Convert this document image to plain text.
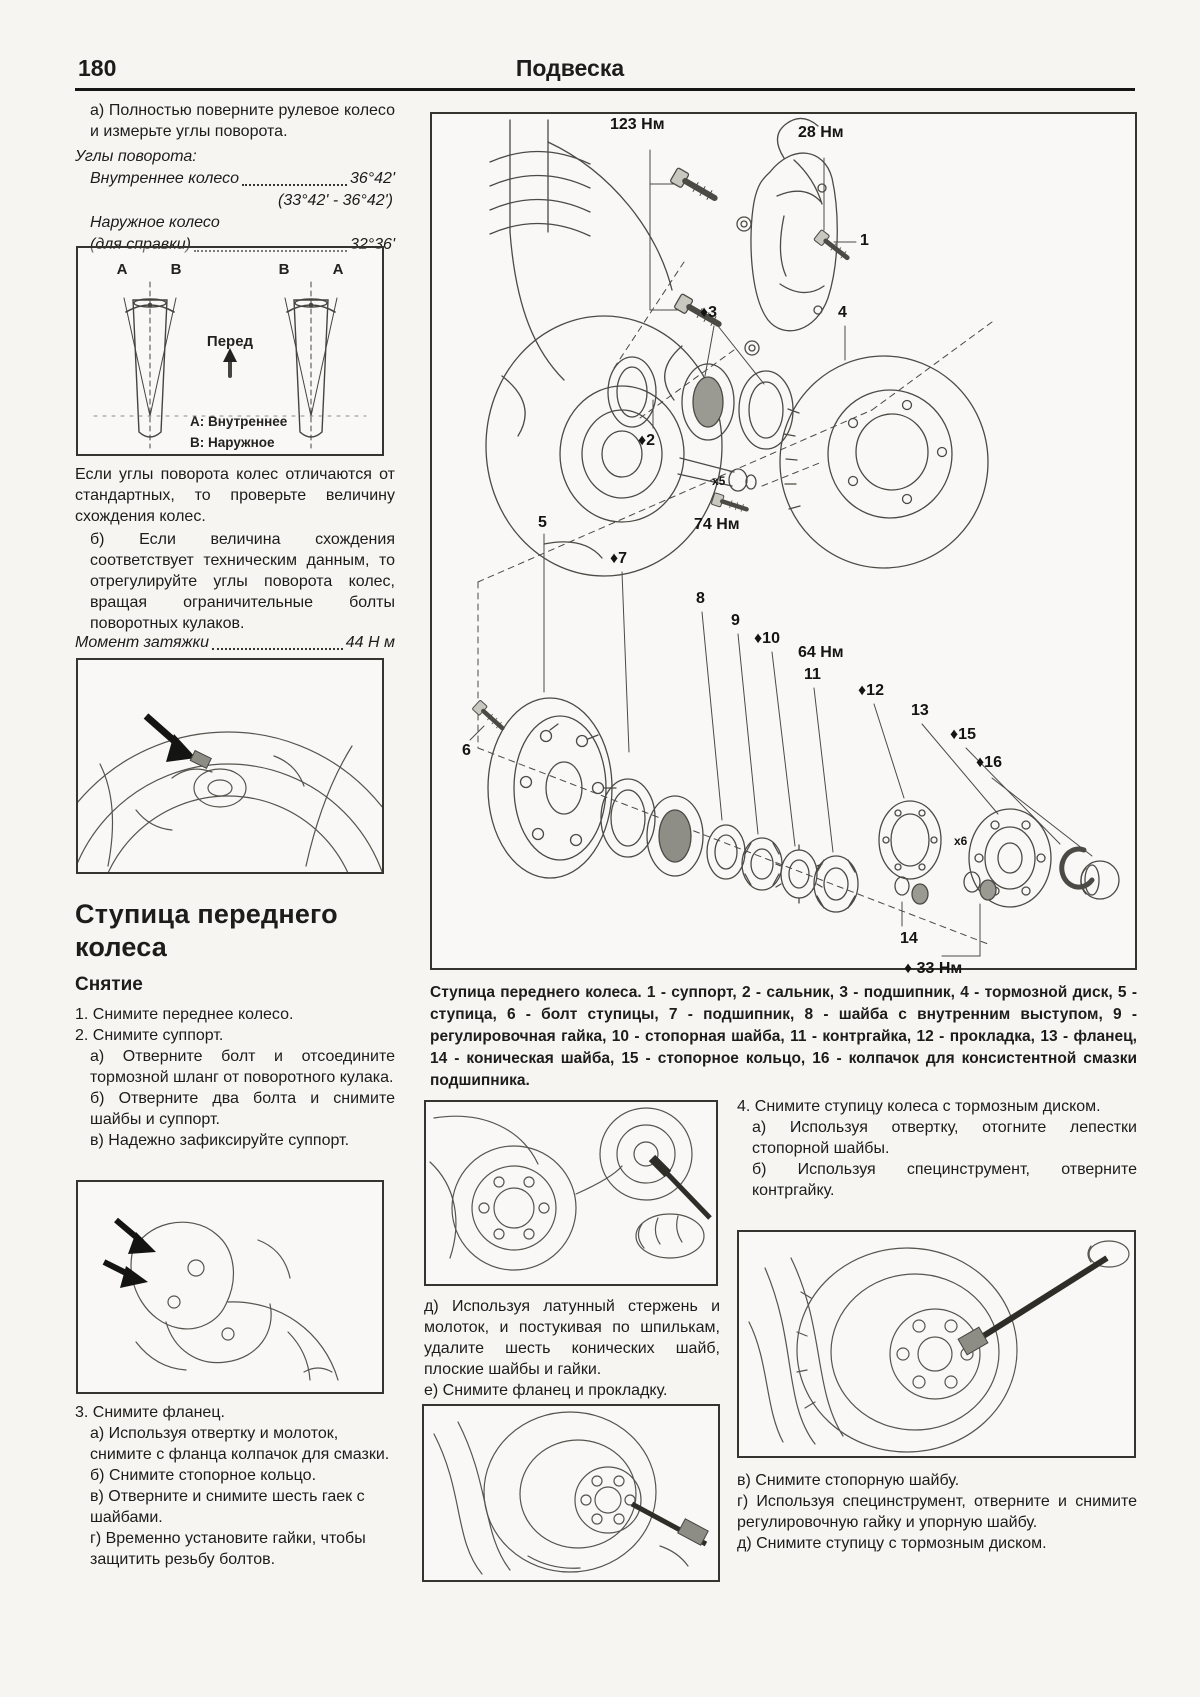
180	Подвеска

а) Полностью поверните рулевое колесо и измерьте углы поворота.

Углы поворота:

Внутреннее колесо	36°42'
(33°42' - 36°42')
Наружное колесо
(для справки)	32°36'
A	B	B	A
Перед
A: Внутреннее
B: Наружное

Если углы поворота колес отличаются от стандартных, то проверьте величину схождения колес.

б) Если величина схождения соответствует техническим данным, то отрегулируйте углы поворота колес, вращая ограничительные болты поворотных кулаков.

Момент затяжки	44 Н м
Ступица переднего колеса
Снятие

1. Снимите переднее колесо.

2. Снимите суппорт.

а) Отверните болт и отсоедините тормозной шланг от поворотного кулака.

б) Отверните два болта и снимите шайбы и суппорт.

в) Надежно зафиксируйте суппорт.

3. Снимите фланец.

а) Используя отвертку и молоток, снимите с фланца колпачок для смазки.

б) Снимите стопорное кольцо.

в) Отверните и снимите шесть гаек с шайбами.

г) Временно установите гайки, чтобы защитить резьбу болтов.

123 Нм	28 Нм
1
♦3	4
♦2
x5
74 Нм
5
♦7
8
9
♦10
64 Нм
11
♦12
13
♦15
♦16
6
x6
14
♦ 33 Нм
Ступица переднего колеса. 1 - суппорт, 2 - сальник, 3 - подшипник, 4 - тормозной диск, 5 - ступица, 6 - болт ступицы, 7 - подшипник, 8 - шайба с внутренним выступом, 9 - регулировочная гайка, 10 - стопорная шайба, 11 - контргайка, 12 - прокладка, 13 - фланец, 14 - коническая шайба, 15 - стопорное кольцо, 16 - колпачок для консистентной смазки подшипника.

д) Используя латунный стержень и молоток, и постукивая по шпилькам, удалите шесть конических шайб, плоские шайбы и гайки.

е) Снимите фланец и прокладку.

4. Снимите ступицу колеса с тормозным диском.

а) Используя отвертку, отогните лепестки стопорной шайбы.

б) Используя специнструмент, отверните контргайку.

в) Снимите стопорную шайбу.

г) Используя специнструмент, отверните и снимите регулировочную гайку и упорную шайбу.

д) Снимите ступицу с тормозным диском.
